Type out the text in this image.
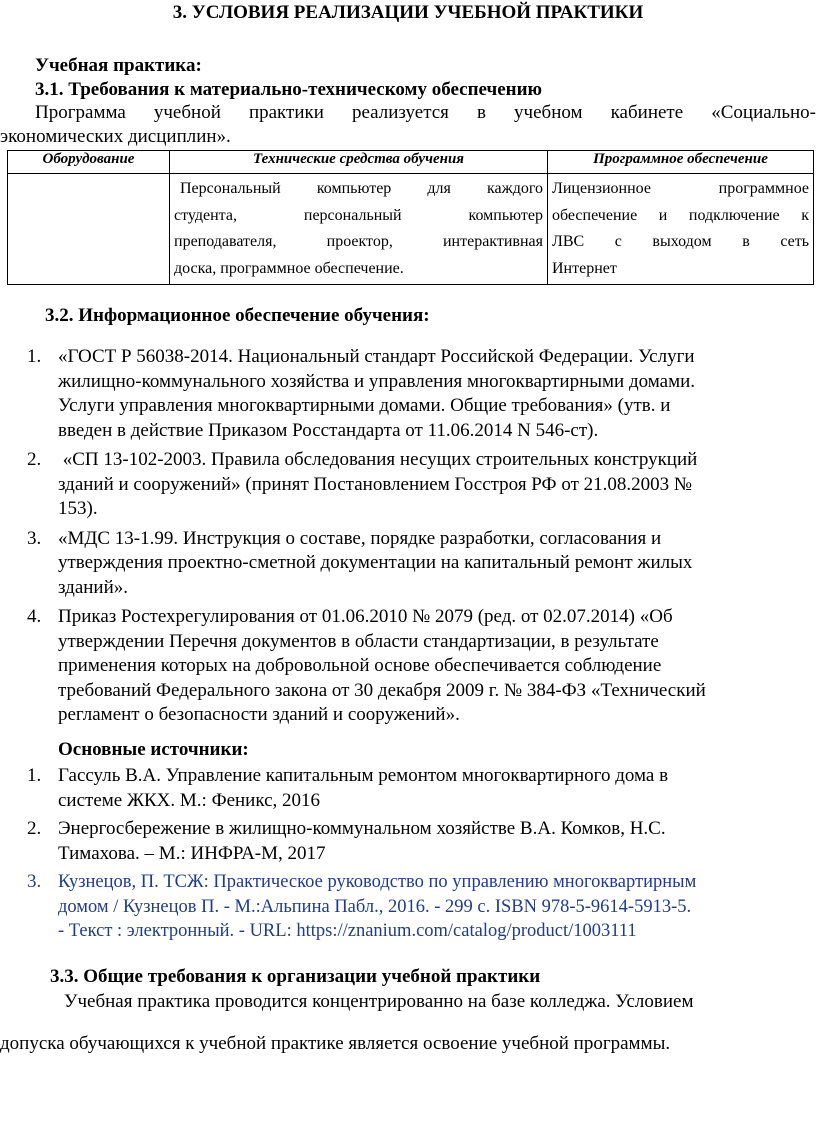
3. УСЛОВИЯ РЕАЛИЗАЦИИ УЧЕБНОЙ ПРАКТИКИ
Учебная практика:
3.1. Требования к материально-техническому обеспечению
Программа учебной практики реализуется в учебном кабинете «Социально-
экономических дисциплин».
Оборудование	Технические средства обучения	Программное обеспечение

	Персональный компьютер для каждого
студента, персональный компьютер
преподавателя, проектор, интерактивная
доска, программное обеспечение.	Лицензионное программное
обеспечение и подключение к
ЛВС с выходом в сеть
Интернет
3.2. Информационное обеспечение обучения:
1. «ГОСТ Р 56038-2014. Национальный стандарт Российской Федерации. Услуги
жилищно-коммунального хозяйства и управления многоквартирными домами.
Услуги управления многоквартирными домами. Общие требования» (утв. и
введен в действие Приказом Росстандарта от 11.06.2014 N 546-ст).
2. «СП 13-102-2003. Правила обследования несущих строительных конструкций
зданий и сооружений» (принят Постановлением Госстроя РФ от 21.08.2003 №
153).
3. «МДС 13-1.99. Инструкция о составе, порядке разработки, согласования и
утверждения проектно-сметной документации на капитальный ремонт жилых
зданий».
4. Приказ Ростехрегулирования от 01.06.2010 № 2079 (ред. от 02.07.2014) «Об
утверждении Перечня документов в области стандартизации, в результате
применения которых на добровольной основе обеспечивается соблюдение
требований Федерального закона от 30 декабря 2009 г. № 384-ФЗ «Технический
регламент о безопасности зданий и сооружений».
Основные источники:
1. Гассуль В.А. Управление капитальным ремонтом многоквартирного дома в
системе ЖКХ. М.: Феникс, 2016
2. Энергосбережение в жилищно-коммунальном хозяйстве В.А. Комков, Н.С.
Тимахова. – М.: ИНФРА-М, 2017
3. Кузнецов, П. ТСЖ: Практическое руководство по управлению многоквартирным
домом / Кузнецов П. - М.:Альпина Пабл., 2016. - 299 с. ISBN 978-5-9614-5913-5.
- Текст : электронный. - URL: https://znanium.com/catalog/product/1003111
3.3. Общие требования к организации учебной практики
Учебная практика проводится концентрированно на базе колледжа. Условием
допуска обучающихся к учебной практике является освоение учебной программы.
